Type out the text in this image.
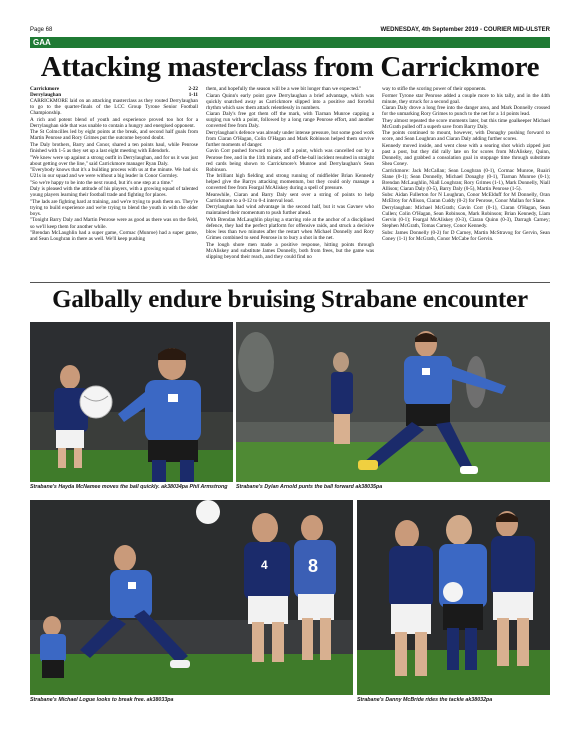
Page 68	WEDNESDAY, 4th September 2019 - COURIER MID-ULSTER
GAA
Attacking masterclass from Carrickmore
Carrickmore	2-22
Derrylaughan	1-11

CARRICKMORE laid on an attacking masterclass as they routed Derrylaughan to go to the quarter-finals of the LCC Group Tyrone Senior Football Championship.

A rich and potent blend of youth and experience proved too hot for a Derrylaughan side that was unable to contain a hungry and energised opponent.

The St Colmcilles led by eight points at the break, and second half goals from Martin Penrose and Rory Grimes put the outcome beyond doubt.

The Daly brothers, Barry and Conor, shared a ten points haul, while Penrose finished with 1-5 as they set up a last eight meeting with Edendork.

"We knew were up against a strong outfit in Derrylaughan, and for us it was just about getting over the line," said Carrickmore manager Ryan Daly.

"Everybody knows that it's a building process with us at the minute. We had six U21s in our squad and we were without a big leader in Conor Gormley.

"So we're happy to be into the next round, but it's one step at a time."

Daly is pleased with the attitude of his players, with a growing squad of talented young players learning their football trade and fighting for places.

"The lads are fighting hard at training, and we're trying to push them on. They're trying to build experience and we're trying to blend the youth in with the older boys.

"Tonight Barry Daly and Martin Penrose were as good as there was on the field, so we'll keep them for another while.

"Brendan McLaughlin had a super game, Cormac (Munroe) had a super game, and Sean Loughran in there as well. We'll keep pushing

them, and hopefully the season will be a wee bit longer than we expected."

Ciaran Quinn's early point gave Derrylaughan a brief advantage, which was quickly snatched away as Carrickmore slipped into a positive and forceful rhythm which saw them attack relentlessly in numbers.

Ciaran Daly's free got them off the mark, with Tiarnan Munroe capping a surging run with a point, followed by a long range Penrose effort, and another converted free from Daly.

Derrylaughan's defence was already under intense pressure, but some good work from Ciaran O'Hagan, Colin O'Hagan and Mark Robinson helped them survive further moments of danger.

Gavin Corr pushed forward to pick off a point, which was cancelled out by a Penrose free, and in the 11th minute, and off-the-ball incident resulted in straight red cards being shown to Carrickmore's Munroe and Derrylaughan's Sean Robinson.

The brilliant high fielding and strong running of midfielder Brian Kennedy helped give the Barrys attacking momentum, but they could only manage a converted free from Feargal McAliskey during a spell of pressure.

Meanwhile, Ciaran and Barry Daly sent over a string of points to help Carrickmore to a 0-12 to 0-4 interval lead.

Derrylaughan had wind advantage in the second half, but it was Gavnev who maintained their momentum to push further ahead.

With Brendan McLaughlin playing a starring role at the anchor of a disciplined defence, they had the perfect platform for offensive raids, and struck a decisive blow less than two minutes after the restart when Michael Donnelly and Rory Grimes combined to send Penrose in to bury a shot in the net.

The lough shore men made a positive response, hitting points through McAliskey and substitute James Donnelly, both from frees, but the game was slipping beyond their reach, and they could find no

way to stifle the scoring power of their opponents.

Former Tyrone star Penrose added a couple more to his tally, and in the 44th minute, they struck for a second goal.

Ciaran Daly drove a long free into the danger area, and Mark Donnelly crossed for the unmarking Rory Grimes to punch to the net for a 14 points lead.

They almost repeated the score moments later, but this time goalkeeper Michael McGrath pulled off a superb save from Barry Daly.

The points continued to mount, however, with Donaghy pushing forward to score, and Sean Loughran and Ciaran Daly adding further scores.

Kennedy moved inside, and went close with a searing shot which zipped just past a post, but they did rally late on for scores from McAliskey, Quinn, Donnelly, and grabbed a consolation goal in stoppage time through substitute Shea Coney.

Carrickmore: Jack McCallan; Sean Loughran (0-1), Cormac Munroe, Ruairi Slane (0-1); Sean Donnelly, Michael Donaghy (0-1), Tiarnan Munroe (0-1); Brendan McLaughlin, Niall Loughran; Rory Grimes (1-1), Mark Donnelly, Niall Allison; Ciaran Daly (0-5), Barry Daly (0-5), Martin Penrose (1-5).

Subs: Aidan Fullerton for N Loughran, Conor McElduff for M Donnelly, Oran McElroy for Allison, Ciaran Cuddy (0-2) for Penrose, Conor Mallan for Slane.

Derrylaughan: Michael McGrath; Gavin Corr (0-1), Ciaran O'Hagan, Sean Cullen; Colin O'Hagan, Sean Robinson, Mark Robinson; Brian Kennedy, Liam Gervin (0-1); Feargal McAliskey (0-3), Ciaran Quinn (0-3), Darragh Carney; Stephen McGrath, Tomas Carney, Conor Kennedy.

Subs: James Donnelly (0-2) for D Carney, Martin McStravog for Gervin, Sean Coney (1-1) for McGrath, Conor McCabe for Gervin.

Galbally endure bruising Strabane encounter
Strabane's Hayda McNamee moves the ball quickly. ak38034pa Phil Armstrong	Strabane's Dylan Arnold punts the ball forward ak38035pa
4 8
Strabane's Michael Logue looks to break free. ak38033pa	Strabane's Danny McBride rides the tackle ak38032pa
